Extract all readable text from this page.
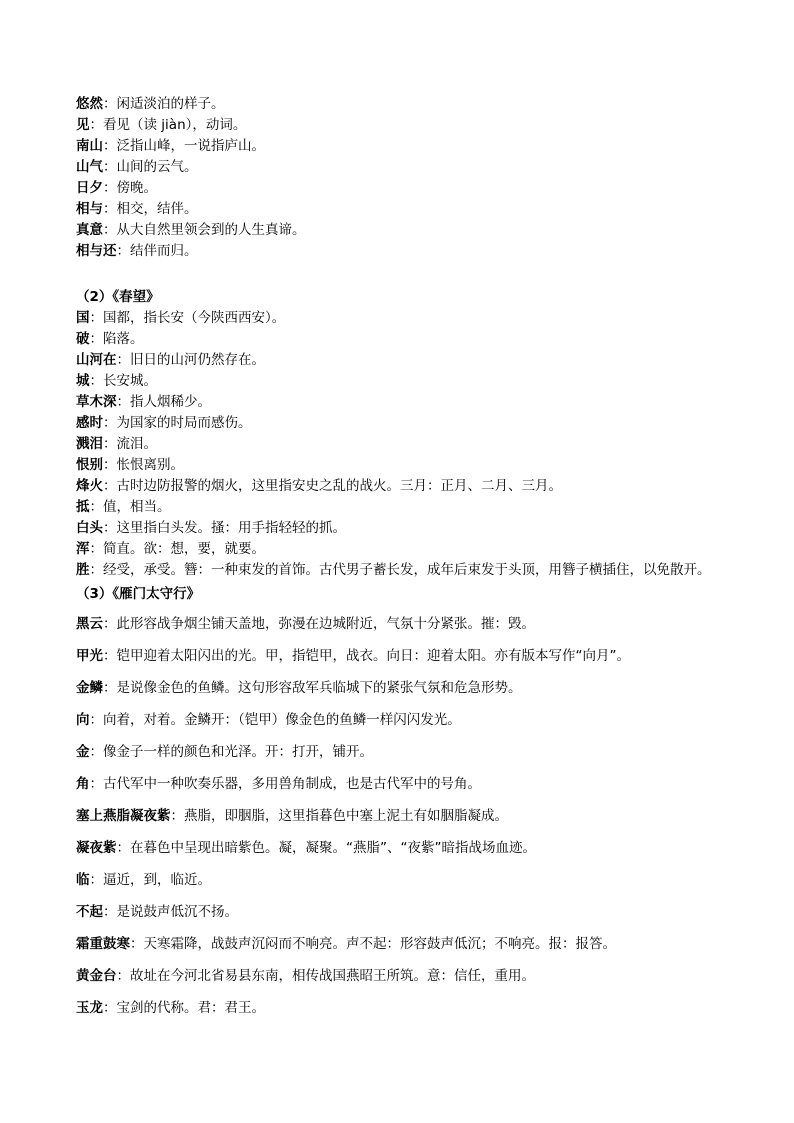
悠然：闲适淡泊的样子。
见：看见（读 jiàn），动词。
南山：泛指山峰，一说指庐山。
山气：山间的云气。
日夕：傍晚。
相与：相交，结伴。
真意：从大自然里领会到的人生真谛。
相与还：结伴而归。
（2）《春望》
国：国都，指长安（今陕西西安）。
破：陷落。
山河在：旧日的山河仍然存在。
城：长安城。
草木深：指人烟稀少。
感时：为国家的时局而感伤。
溅泪：流泪。
恨别：怅恨离别。
烽火：古时边防报警的烟火，这里指安史之乱的战火。三月：正月、二月、三月。
抵：值，相当。
白头：这里指白头发。搔：用手指轻轻的抓。
浑：简直。欲：想，要，就要。
胜：经受，承受。簪：一种束发的首饰。古代男子蓄长发，成年后束发于头顶，用簪子横插住，以免散开。
（3）《雁门太守行》
黑云：此形容战争烟尘铺天盖地，弥漫在边城附近，气氛十分紧张。摧：毁。
甲光：铠甲迎着太阳闪出的光。甲，指铠甲，战衣。向日：迎着太阳。亦有版本写作“向月”。
金鳞：是说像金色的鱼鳞。这句形容敌军兵临城下的紧张气氛和危急形势。
向：向着，对着。金鳞开：（铠甲）像金色的鱼鳞一样闪闪发光。
金：像金子一样的颜色和光泽。开：打开，铺开。
角：古代军中一种吹奏乐器，多用兽角制成，也是古代军中的号角。
塞上燕脂凝夜紫：燕脂，即胭脂，这里指暮色中塞上泥土有如胭脂凝成。
凝夜紫：在暮色中呈现出暗紫色。凝，凝聚。“燕脂”、“夜紫”暗指战场血迹。
临：逼近，到，临近。
不起：是说鼓声低沉不扬。
霜重鼓寒：天寒霜降，战鼓声沉闷而不响亮。声不起：形容鼓声低沉；不响亮。报：报答。
黄金台：故址在今河北省易县东南，相传战国燕昭王所筑。意：信任，重用。
玉龙：宝剑的代称。君：君王。
